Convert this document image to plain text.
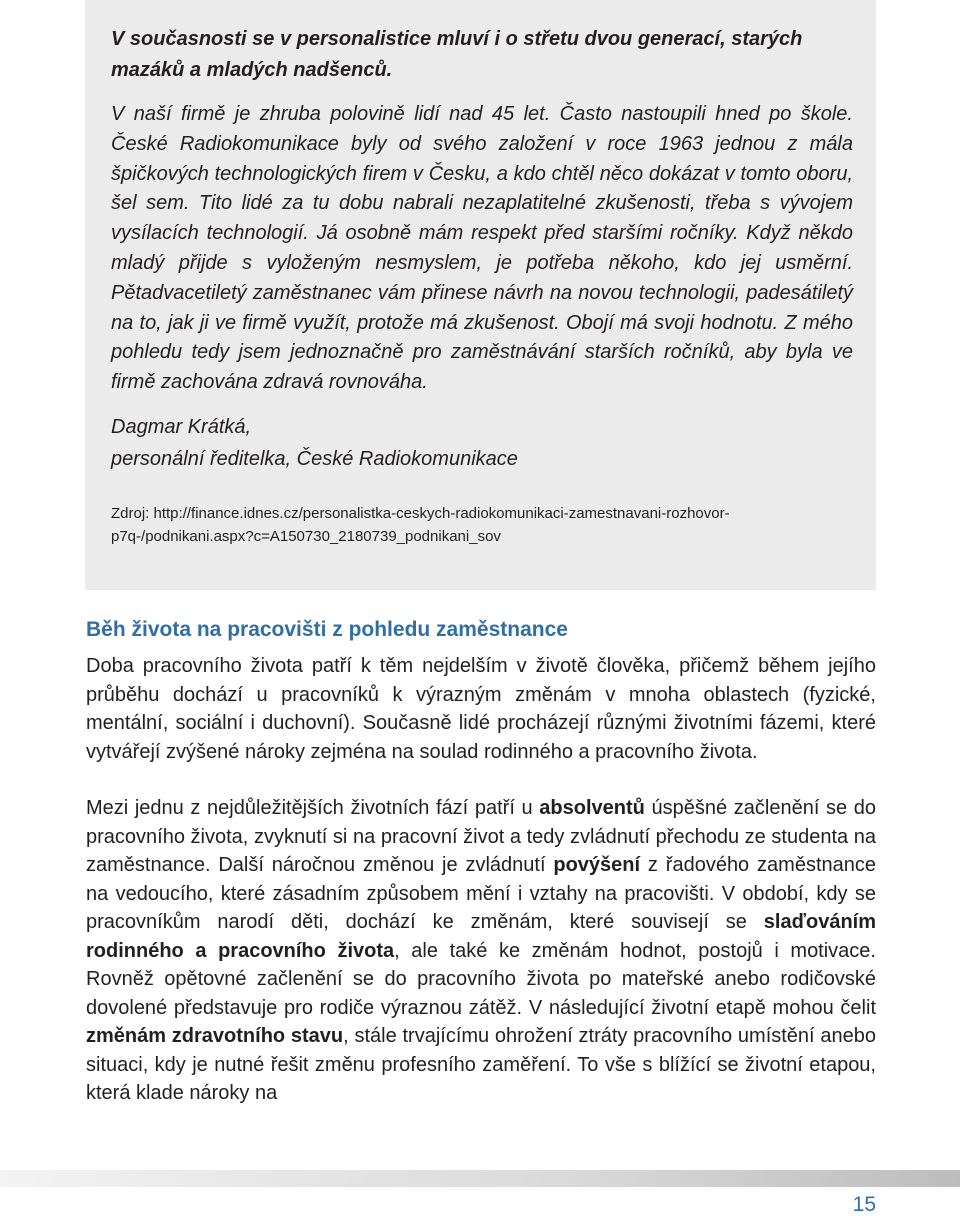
V současnosti se v personalistice mluví i o střetu dvou generací, starých mazáků a mladých nadšenců.

V naší firmě je zhruba polovině lidí nad 45 let. Často nastoupili hned po škole. České Radiokomunikace byly od svého založení v roce 1963 jednou z mála špičkových technologických firem v Česku, a kdo chtěl něco dokázat v tomto oboru, šel sem. Tito lidé za tu dobu nabrali nezaplatitelné zkušenosti, třeba s vývojem vysílacích technologií. Já osobně mám respekt před staršími ročníky. Když někdo mladý přijde s vyloženým nesmyslem, je potřeba někoho, kdo jej usměrní. Pětadvacetiletý zaměstnanec vám přinese návrh na novou technologii, padesátiletý na to, jak ji ve firmě využít, protože má zkušenost. Obojí má svoji hodnotu. Z mého pohledu tedy jsem jednoznačně pro zaměstnávání starších ročníků, aby byla ve firmě zachována zdravá rovnováha.

Dagmar Krátká,
personální ředitelka, České Radiokomunikace

Zdroj: http://finance.idnes.cz/personalistka-ceskych-radiokomunikaci-zamestnavani-rozhovor-p7q-/podnikani.aspx?c=A150730_2180739_podnikani_sov

Běh života na pracovišti z pohledu zaměstnance

Doba pracovního života patří k těm nejdelším v životě člověka, přičemž během jejího průběhu dochází u pracovníků k výrazným změnám v mnoha oblastech (fyzické, mentální, sociální i duchovní). Současně lidé procházejí různými životními fázemi, které vytvářejí zvýšené nároky zejména na soulad rodinného a pracovního života.

Mezi jednu z nejdůležitějších životních fází patří u absolventů úspěšné začlenění se do pracovního života, zvyknutí si na pracovní život a tedy zvládnutí přechodu ze studenta na zaměstnance. Další náročnou změnou je zvládnutí povýšení z řadového zaměstnance na vedoucího, které zásadním způsobem mění i vztahy na pracovišti. V období, kdy se pracovníkům narodí děti, dochází ke změnám, které souvisejí se slaďováním rodinného a pracovního života, ale také ke změnám hodnot, postojů i motivace. Rovněž opětovné začlenění se do pracovního života po mateřské anebo rodičovské dovolené představuje pro rodiče výraznou zátěž. V následující životní etapě mohou čelit změnám zdravotního stavu, stále trvajícímu ohrožení ztráty pracovního umístění anebo situaci, kdy je nutné řešit změnu profesního zaměření. To vše s blížící se životní etapou, která klade nároky na

15
